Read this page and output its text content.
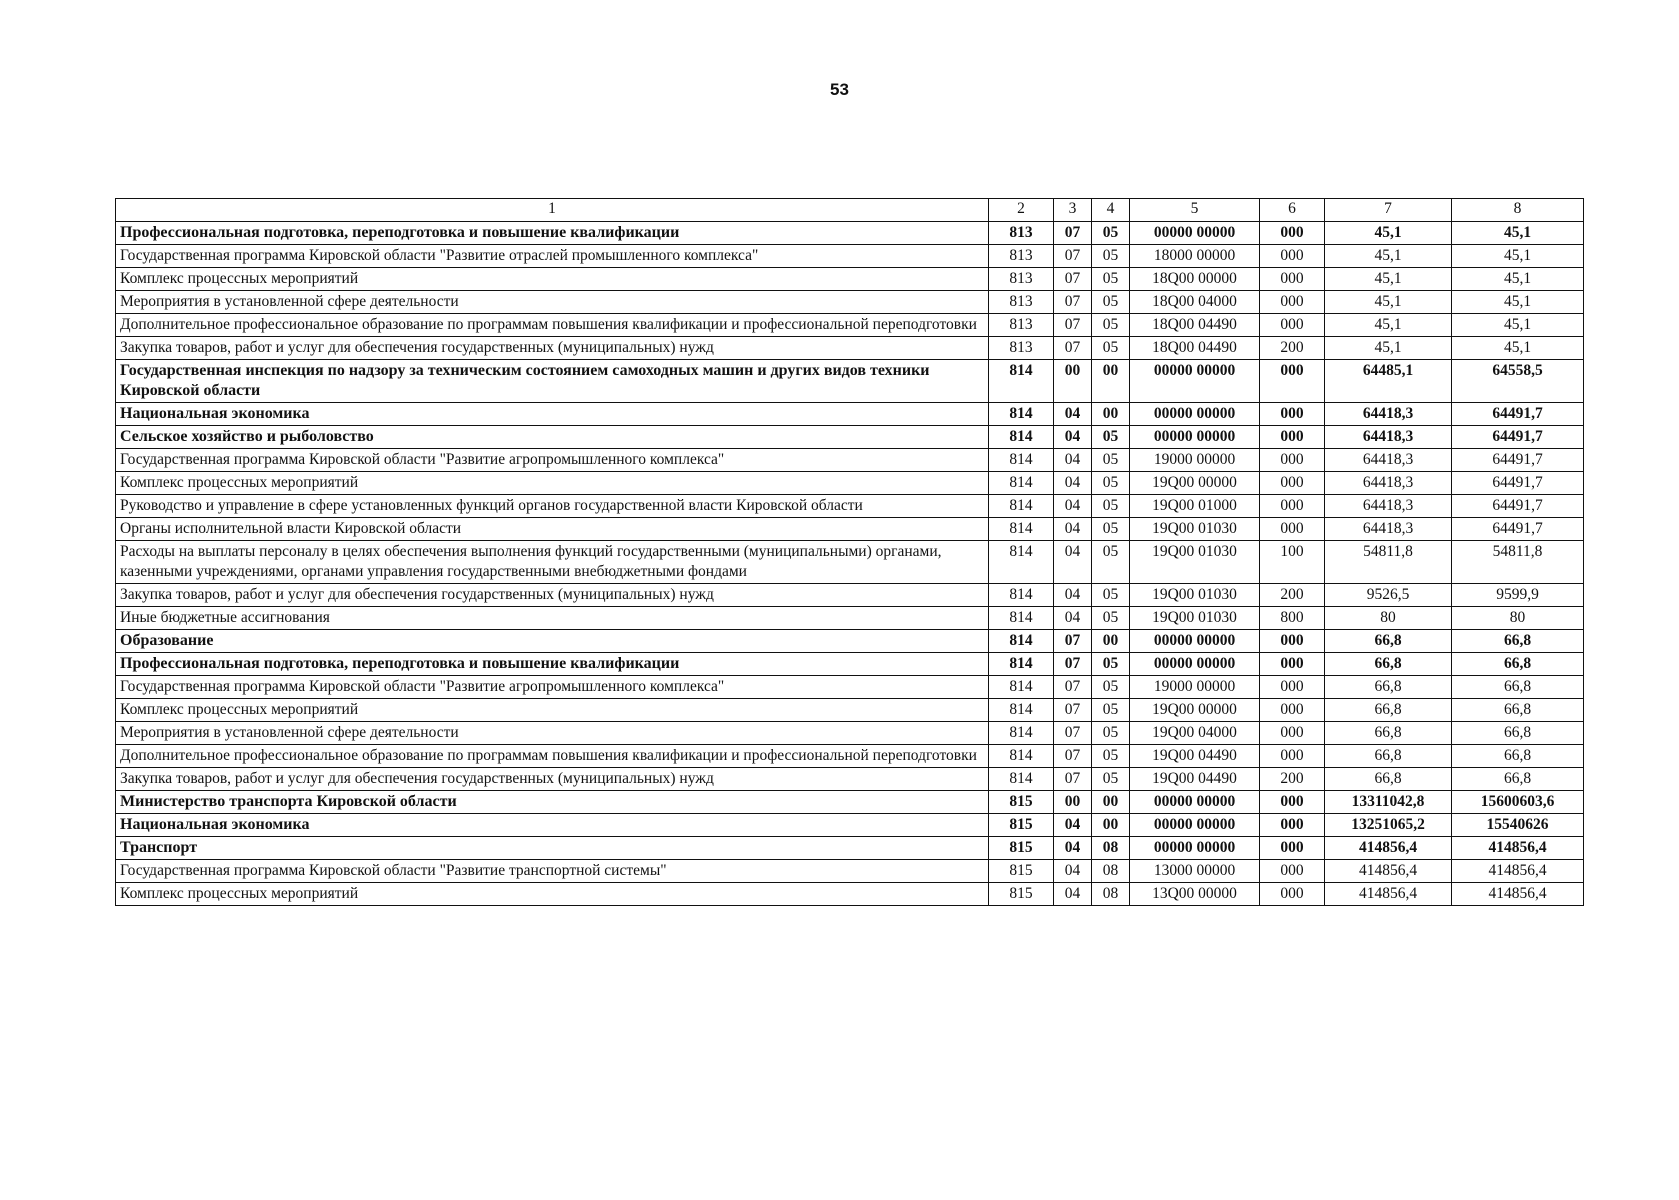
53
1	2	3	4	5	6	7	8
Профессиональная подготовка, переподготовка и повышение квалификации	813	07	05	00000 00000	000	45,1	45,1
Государственная программа Кировской области "Развитие отраслей промышленного комплекса"	813	07	05	18000 00000	000	45,1	45,1
Комплекс процессных мероприятий	813	07	05	18Q00 00000	000	45,1	45,1
Мероприятия в установленной сфере деятельности	813	07	05	18Q00 04000	000	45,1	45,1
Дополнительное профессиональное образование по программам повышения квалификации и профессиональной переподготовки	813	07	05	18Q00 04490	000	45,1	45,1
Закупка товаров, работ и услуг для обеспечения государственных (муниципальных) нужд	813	07	05	18Q00 04490	200	45,1	45,1
Государственная инспекция по надзору за техническим состоянием самоходных машин и других видов техники Кировской области	814	00	00	00000 00000	000	64485,1	64558,5
Национальная экономика	814	04	00	00000 00000	000	64418,3	64491,7
Сельское хозяйство и рыболовство	814	04	05	00000 00000	000	64418,3	64491,7
Государственная программа Кировской области "Развитие агропромышленного комплекса"	814	04	05	19000 00000	000	64418,3	64491,7
Комплекс процессных мероприятий	814	04	05	19Q00 00000	000	64418,3	64491,7
Руководство и управление в сфере установленных функций органов государственной власти Кировской области	814	04	05	19Q00 01000	000	64418,3	64491,7
Органы исполнительной власти Кировской области	814	04	05	19Q00 01030	000	64418,3	64491,7
Расходы на выплаты персоналу в целях обеспечения выполнения функций государственными (муниципальными) органами, казенными учреждениями, органами управления государственными внебюджетными фондами	814	04	05	19Q00 01030	100	54811,8	54811,8
Закупка товаров, работ и услуг для обеспечения государственных (муниципальных) нужд	814	04	05	19Q00 01030	200	9526,5	9599,9
Иные бюджетные ассигнования	814	04	05	19Q00 01030	800	80	80
Образование	814	07	00	00000 00000	000	66,8	66,8
Профессиональная подготовка, переподготовка и повышение квалификации	814	07	05	00000 00000	000	66,8	66,8
Государственная программа Кировской области "Развитие агропромышленного комплекса"	814	07	05	19000 00000	000	66,8	66,8
Комплекс процессных мероприятий	814	07	05	19Q00 00000	000	66,8	66,8
Мероприятия в установленной сфере деятельности	814	07	05	19Q00 04000	000	66,8	66,8
Дополнительное профессиональное образование по программам повышения квалификации и профессиональной переподготовки	814	07	05	19Q00 04490	000	66,8	66,8
Закупка товаров, работ и услуг для обеспечения государственных (муниципальных) нужд	814	07	05	19Q00 04490	200	66,8	66,8
Министерство транспорта Кировской области	815	00	00	00000 00000	000	13311042,8	15600603,6
Национальная экономика	815	04	00	00000 00000	000	13251065,2	15540626
Транспорт	815	04	08	00000 00000	000	414856,4	414856,4
Государственная программа Кировской области "Развитие транспортной системы"	815	04	08	13000 00000	000	414856,4	414856,4
Комплекс процессных мероприятий	815	04	08	13Q00 00000	000	414856,4	414856,4
